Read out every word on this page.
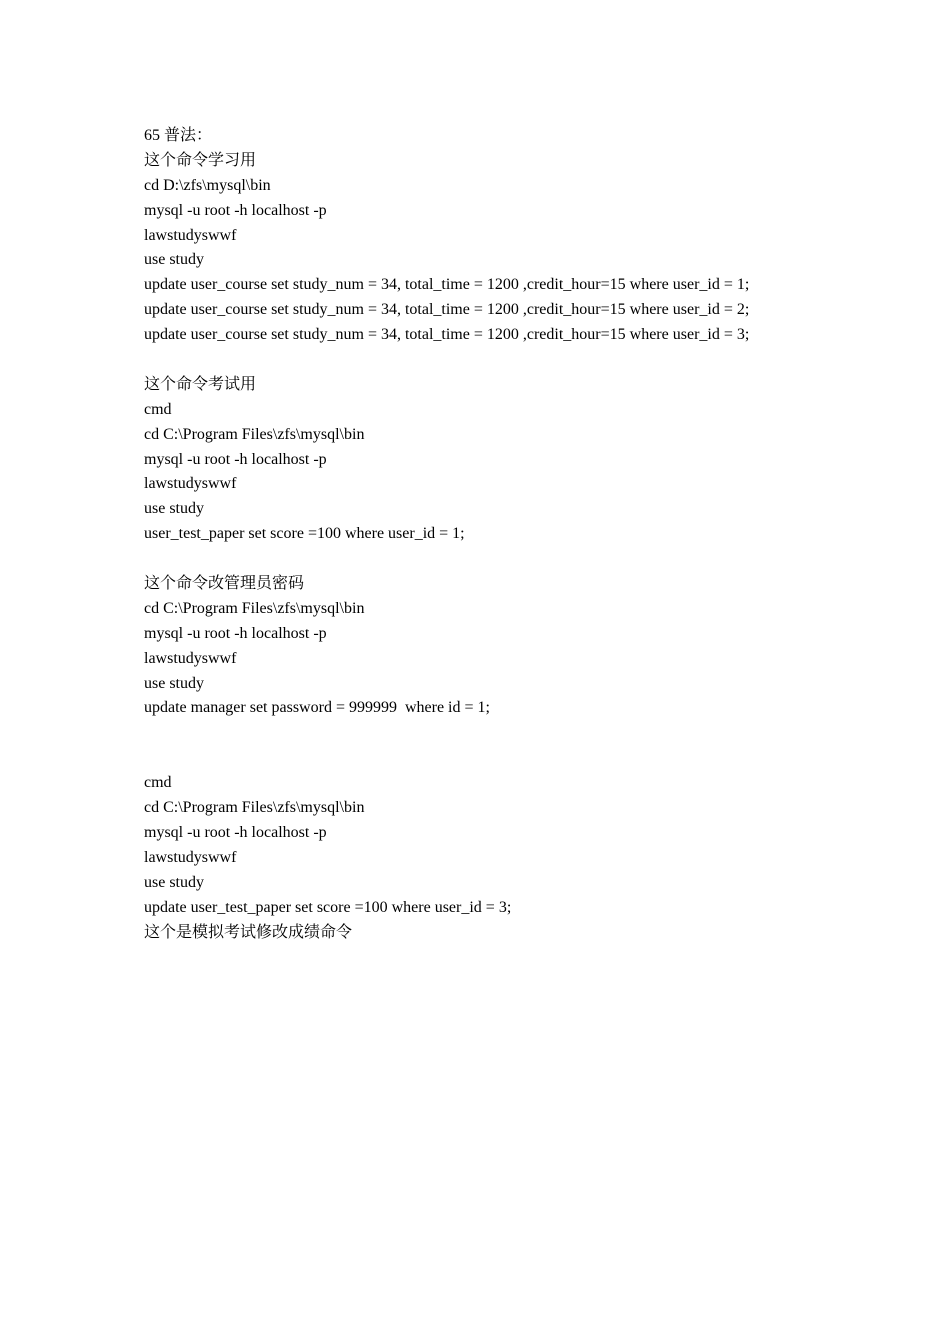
65 普法：
这个命令学习用
cd D:\zfs\mysql\bin
mysql -u root -h localhost -p
lawstudyswwf
use study
update user_course set study_num = 34, total_time = 1200 ,credit_hour=15 where user_id = 1;
update user_course set study_num = 34, total_time = 1200 ,credit_hour=15 where user_id = 2;
update user_course set study_num = 34, total_time = 1200 ,credit_hour=15 where user_id = 3;
这个命令考试用
cmd
cd C:\Program Files\zfs\mysql\bin
mysql -u root -h localhost -p
lawstudyswwf
use study
user_test_paper set score =100 where user_id = 1;
这个命令改管理员密码
cd C:\Program Files\zfs\mysql\bin
mysql -u root -h localhost -p
lawstudyswwf
use study
update manager set password = 999999  where id = 1;
cmd
cd C:\Program Files\zfs\mysql\bin
mysql -u root -h localhost -p
lawstudyswwf
use study
update user_test_paper set score =100 where user_id = 3;
这个是模拟考试修改成绩命令
